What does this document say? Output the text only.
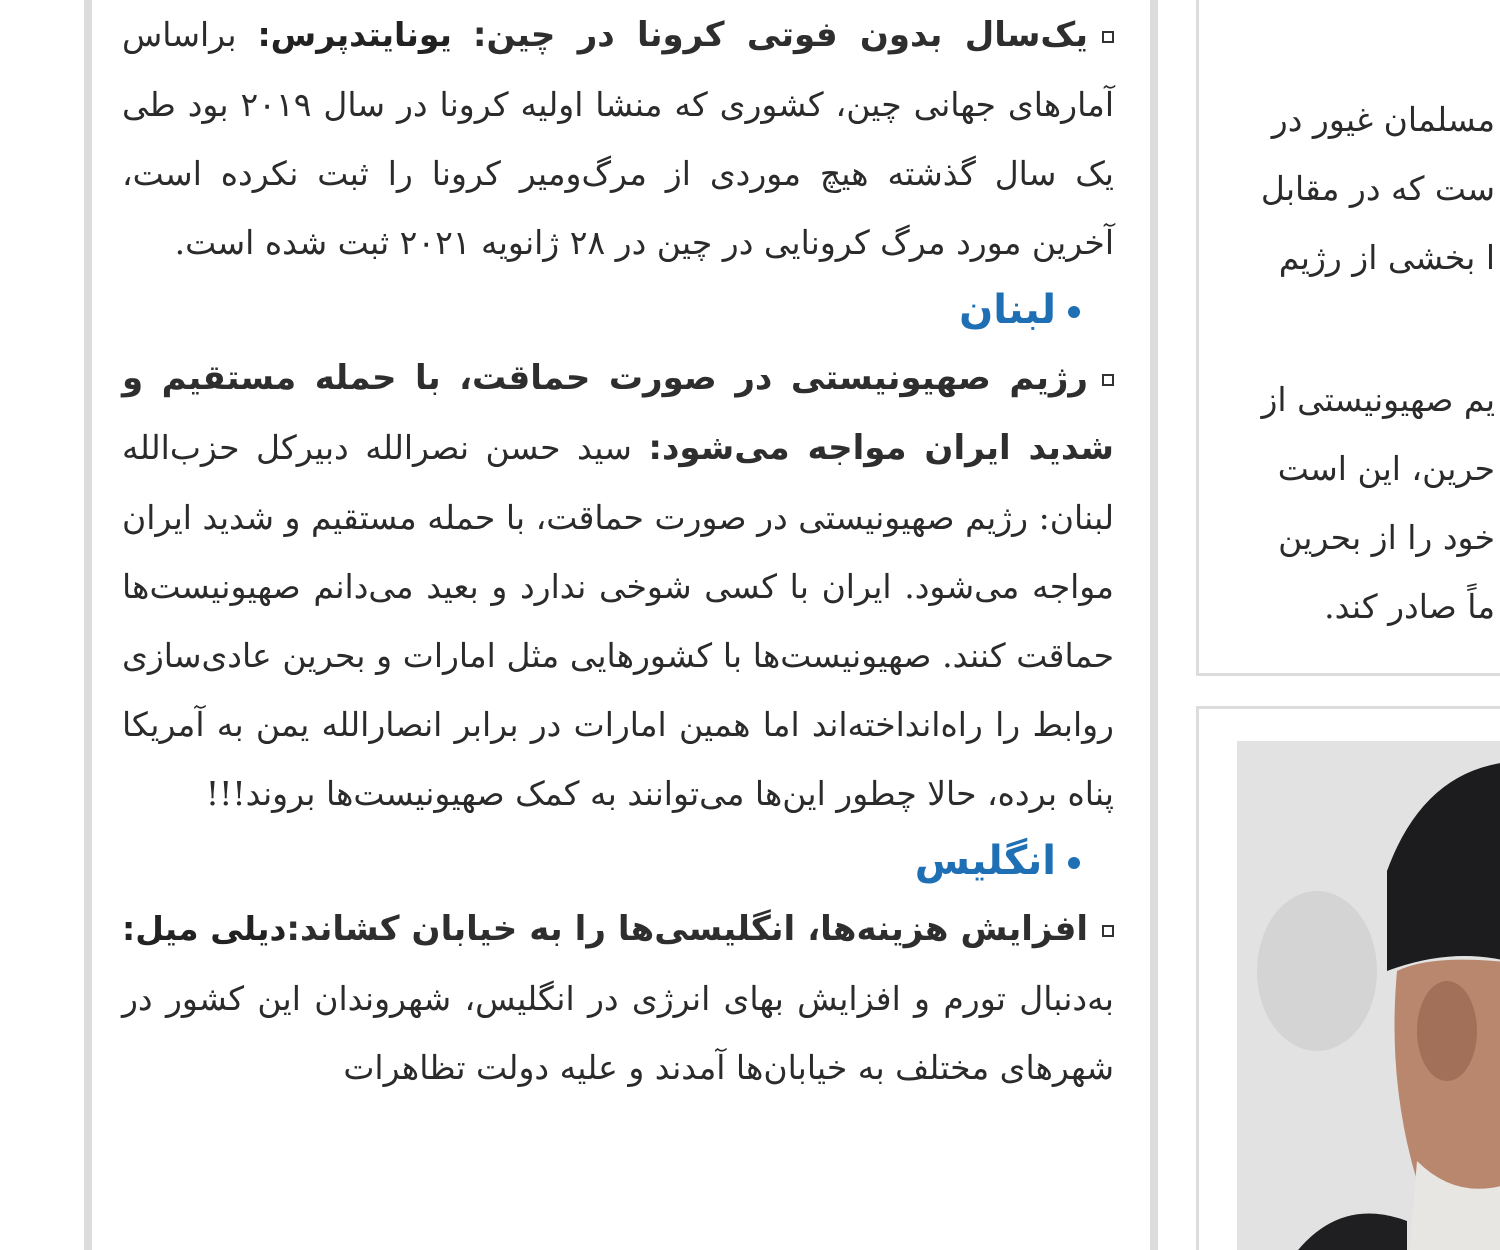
یک‌سال بدون فوتی کرونا در چین: یونایتدپرس: براساس آمارهای جهانی چین، کشوری که منشا اولیه کرونا در سال ۲۰۱۹ بود طی یک سال گذشته هیچ موردی از مرگ‌ومیر کرونا را ثبت نکرده است، آخرین مورد مرگ کرونایی در چین در ۲۸ ژانویه ۲۰۲۱ ثبت شده است.

لبنان

رژیم صهیونیستی در صورت حماقت، با حمله مستقیم و شدید ایران مواجه می‌شود: سید حسن نصرالله دبیرکل حزب‌الله لبنان: رژیم صهیونیستی در صورت حماقت، با حمله مستقیم و شدید ایران مواجه می‌شود. ایران با کسی شوخی ندارد و بعید می‌دانم صهیونیست‌ها حماقت کنند. صهیونیست‌ها با کشورهایی مثل امارات و بحرین عادی‌سازی روابط را راه‌انداخته‌اند اما همین امارات در برابر انصارالله یمن به آمریکا پناه برده، حالا چطور این‌ها می‌توانند به کمک صهیونیست‌ها بروند!!!

انگلیس

افزایش هزینه‌ها، انگلیسی‌ها را به خیابان کشاند:دیلی میل: به‌دنبال تورم و افزایش بهای انرژی در انگلیس، شهروندان این کشور در شهرهای مختلف به خیابان‌ها آمدند و علیه دولت تظاهرات

مسلمان غیور در
ست که در مقابل
ا بخشی از رژیم
یم صهیونیستی از
حرین، این است
خود را از بحرین
ماً صادر کند.
